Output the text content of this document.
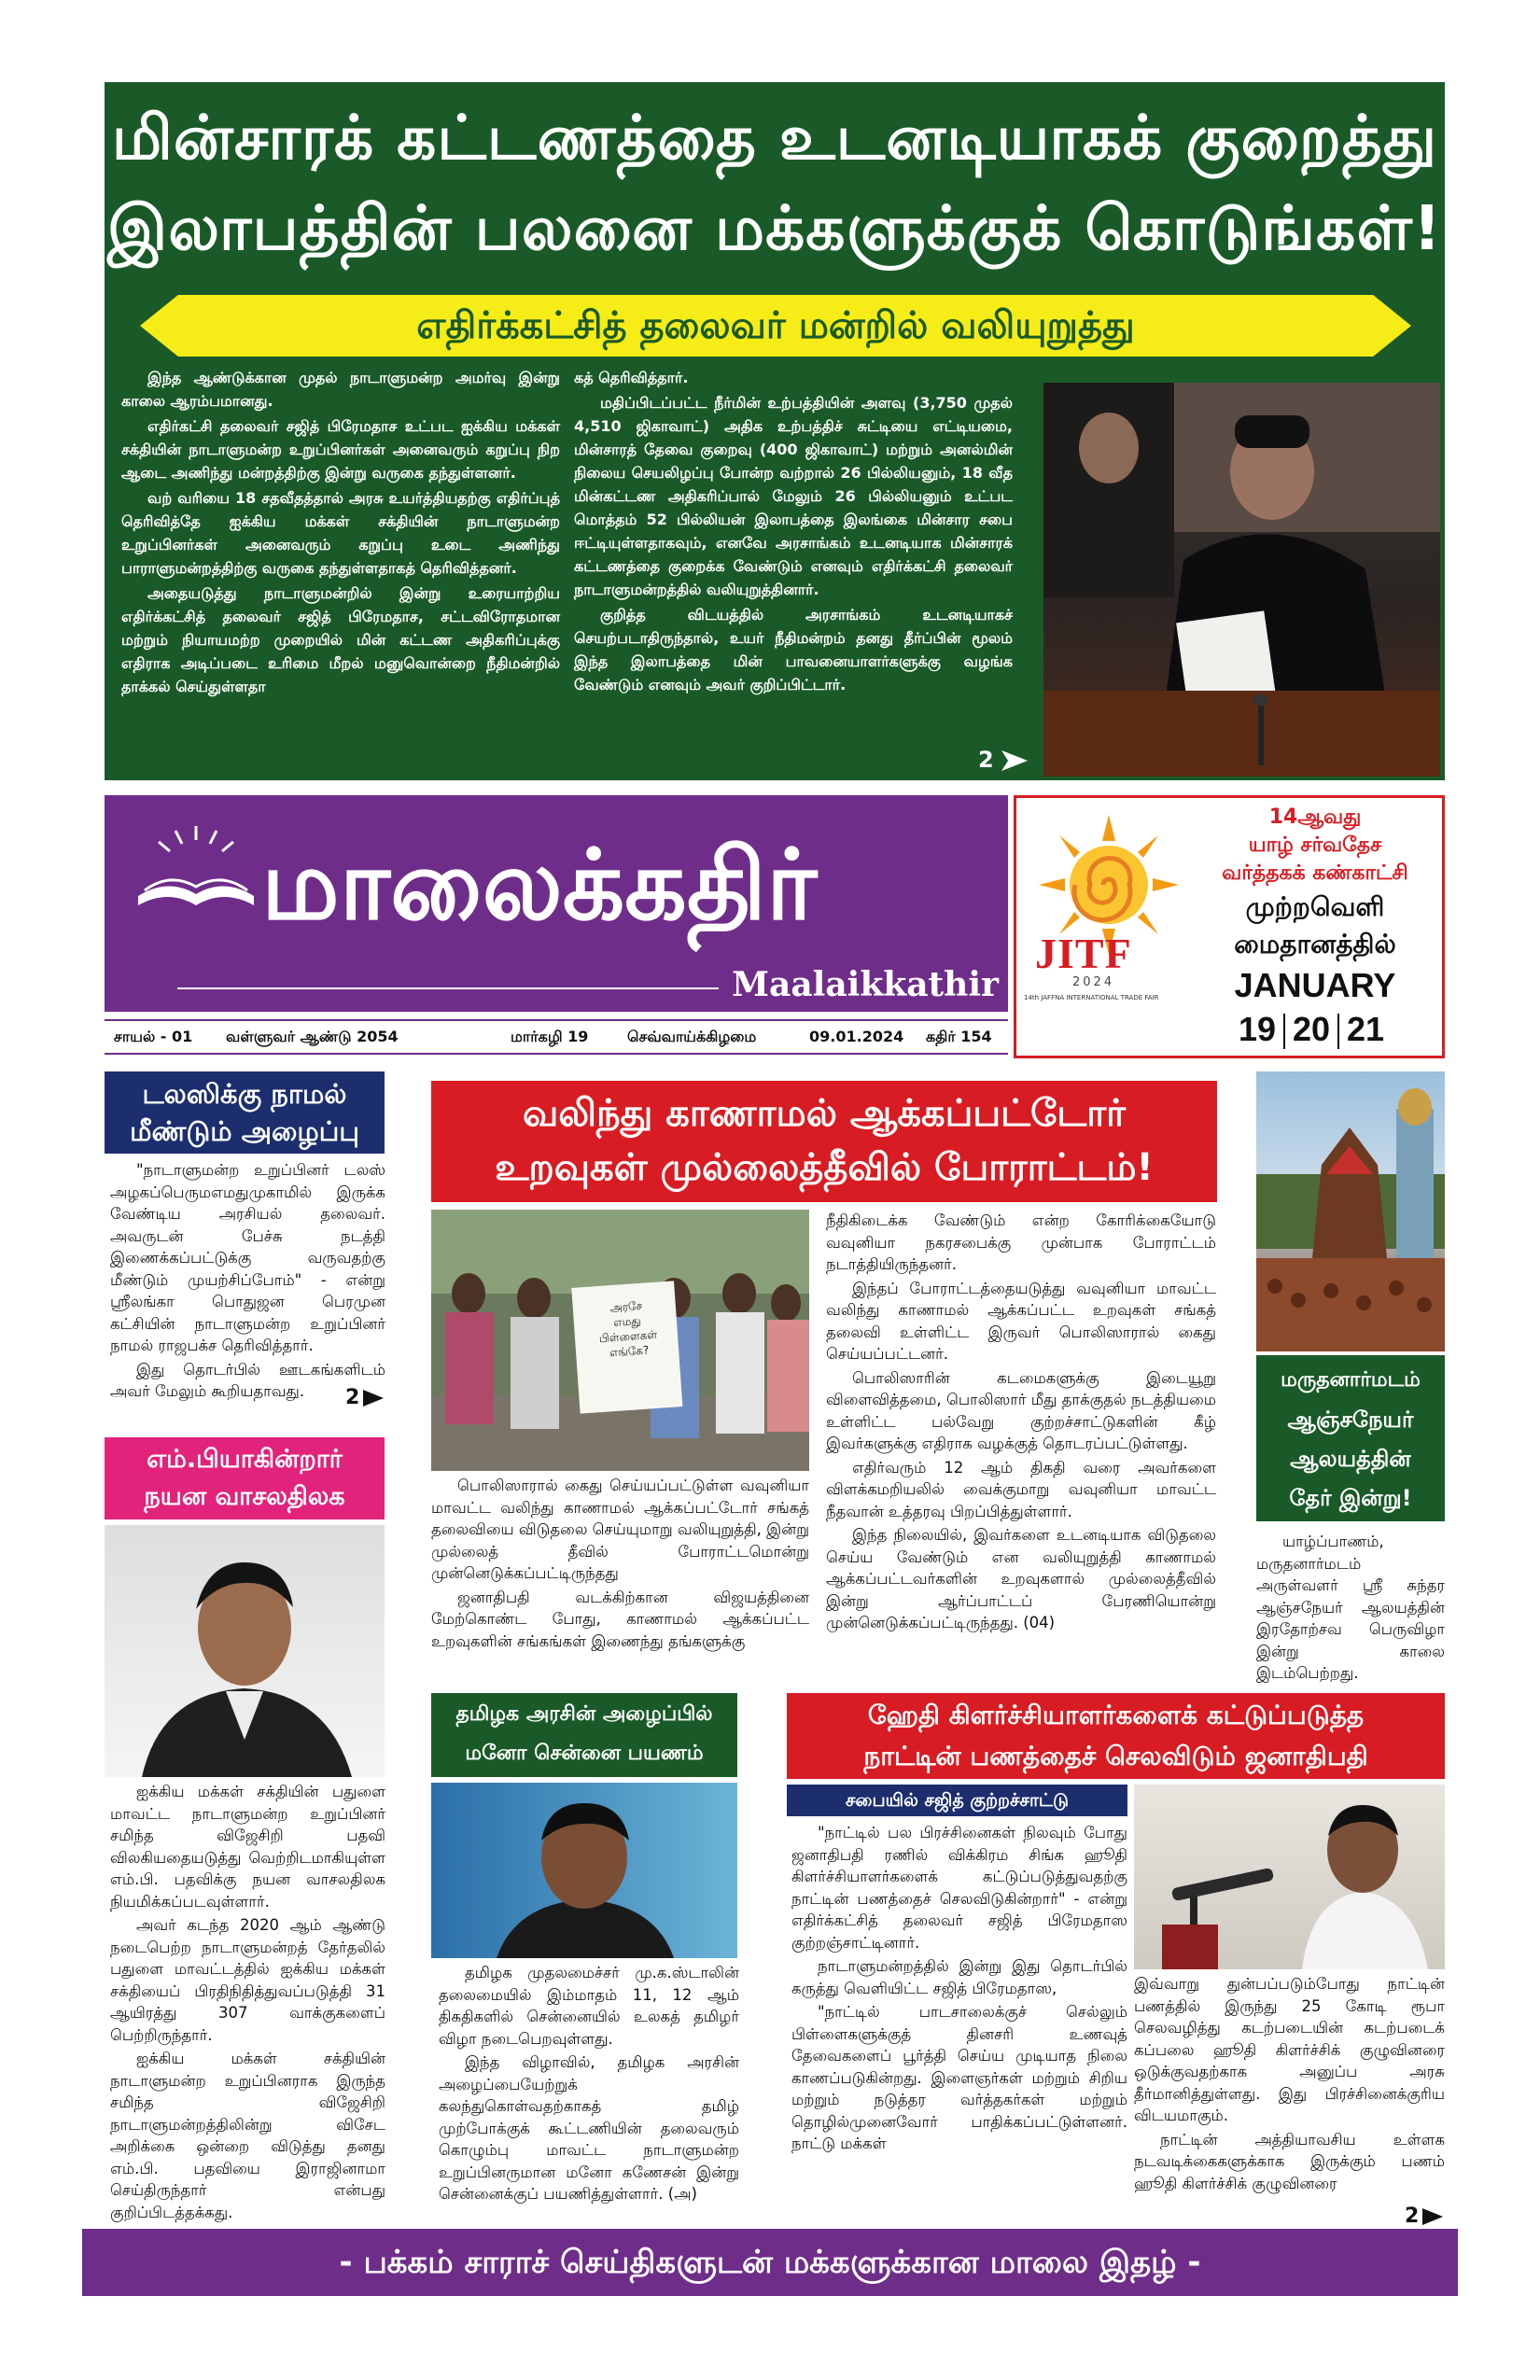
மின்சாரக் கட்டணத்தை உடனடியாகக் குறைத்து
இலாபத்தின் பலனை மக்களுக்குக் கொடுங்கள்!
எதிர்க்கட்சித் தலைவர் மன்றில் வலியுறுத்து

இந்த ஆண்டுக்கான முதல் நாடாளுமன்ற அமர்வு இன்று காலை ஆரம்பமானது.

எதிர்கட்சி தலைவர் சஜித் பிரேமதாச உட்பட ஐக்கிய மக்கள் சக்தியின் நாடாளுமன்ற உறுப்பினர்கள் அனைவரும் கறுப்பு நிற ஆடை அணிந்து மன்றத்திற்கு இன்று வருகை தந்துள்ளனர்.

வற் வரியை 18 சதவீதத்தால் அரசு உயர்த்தியதற்கு எதிர்ப்புத் தெரிவித்தே ஐக்கிய மக்கள் சக்தியின் நாடாளுமன்ற உறுப்பினர்கள் அனைவரும் கறுப்பு உடை அணிந்து பாராளுமன்றத்திற்கு வருகை தந்துள்ளதாகத் தெரிவித்தனர்.

அதையடுத்து நாடாளுமன்றில் இன்று உரையாற்றிய எதிர்க்கட்சித் தலைவர் சஜித் பிரேமதாச, சட்டவிரோதமான மற்றும் நியாயமற்ற முறையில் மின் கட்டண அதிகரிப்புக்கு எதிராக அடிப்படை உரிமை மீறல் மனுவொன்றை நீதிமன்றில் தாக்கல் செய்துள்ளதா

கத் தெரிவித்தார்.

மதிப்பிடப்பட்ட நீர்மின் உற்பத்தியின் அளவு (3,750 முதல் 4,510 ஜிகாவாட்) அதிக உற்பத்திச் சுட்டியை எட்டியமை, மின்சாரத் தேவை குறைவு (400 ஜிகாவாட்) மற்றும் அனல்மின் நிலைய செயலிழப்பு போன்ற வற்றால் 26 பில்லியனும், 18 வீத மின்கட்டண அதிகரிப்பால் மேலும் 26 பில்லியனும் உட்பட மொத்தம் 52 பில்லியன் இலாபத்தை இலங்கை மின்சார சபை ஈட்டியுள்ளதாகவும், எனவே அரசாங்கம் உடனடியாக மின்சாரக் கட்டணத்தை குறைக்க வேண்டும் எனவும் எதிர்க்கட்சி தலைவர் நாடாளுமன்றத்தில் வலியுறுத்தினார்.

குறித்த விடயத்தில் அரசாங்கம் உடனடியாகச் செயற்படாதிருந்தால், உயர் நீதிமன்றம் தனது தீர்ப்பின் மூலம் இந்த இலாபத்தை மின் பாவனையாளர்களுக்கு வழங்க வேண்டும் எனவும் அவர் குறிப்பிட்டார்.

2
மாலைக்கதிர்
Maalaikkathir
சாயல் - 01 வள்ளுவர் ஆண்டு 2054	மார்கழி 19	செவ்வாய்க்கிழமை	09.01.2024 கதிர் 154
JITF
2024
14th JAFFNA INTERNATIONAL TRADE FAIR
14ஆவது
யாழ் சர்வதேச
வர்த்தகக் கண்காட்சி
முற்றவெளி
மைதானத்தில்
JANUARY
19 20 21
டலஸிக்கு நாமல்
மீண்டும் அழைப்பு

"நாடாளுமன்ற உறுப்பினர் டலஸ் அழகப்பெருமஎமதுமுகாமில் இருக்க வேண்டிய அரசியல் தலைவர். அவருடன் பேச்சு நடத்தி இணைக்கப்பட்டுக்கு வருவதற்கு மீண்டும் முயற்சிப்போம்" - என்று ஸ்ரீலங்கா பொதுஜன பெரமுன கட்சியின் நாடாளுமன்ற உறுப்பினர் நாமல் ராஜபக்ச தெரிவித்தார்.

இது தொடர்பில் ஊடகங்களிடம் அவர் மேலும் கூறியதாவது.	2
எம்.பியாகின்றார்
நயன வாசலதிலக

ஐக்கிய மக்கள் சக்தியின் பதுளை மாவட்ட நாடாளுமன்ற உறுப்பினர் சமிந்த விஜேசிறி பதவி விலகியதையடுத்து வெற்றிடமாகியுள்ள எம்.பி. பதவிக்கு நயன வாசலதிலக நியமிக்கப்படவுள்ளார்.

அவர் கடந்த 2020 ஆம் ஆண்டு நடைபெற்ற நாடாளுமன்றத் தேர்தலில் பதுளை மாவட்டத்தில் ஐக்கிய மக்கள் சக்தியைப் பிரதிநிதித்துவப்படுத்தி 31 ஆயிரத்து 307 வாக்குகளைப் பெற்றிருந்தார்.

ஐக்கிய மக்கள் சக்தியின் நாடாளுமன்ற உறுப்பினராக இருந்த சமிந்த விஜேசிறி நாடாளுமன்றத்திலின்று விசேட அறிக்கை ஒன்றை விடுத்து தனது எம்.பி. பதவியை இராஜினாமா செய்திருந்தார் என்பது குறிப்பிடத்தக்கது.

வலிந்து காணாமல் ஆக்கப்பட்டோர்
உறவுகள் முல்லைத்தீவில் போராட்டம்!
அரசே
எமது
பிள்ளைகள்
எங்கே?

பொலிஸாரால் கைது செய்யப்பட்டுள்ள வவுனியா மாவட்ட வலிந்து காணாமல் ஆக்கப்பட்டோர் சங்கத் தலைவியை விடுதலை செய்யுமாறு வலியுறுத்தி, இன்று முல்லைத் தீவில் போராட்டமொன்று முன்னெடுக்கப்பட்டிருந்தது

ஜனாதிபதி வடக்கிற்கான விஜயத்தினை மேற்கொண்ட போது, காணாமல் ஆக்கப்பட்ட உறவுகளின் சங்கங்கள் இணைந்து தங்களுக்கு

நீதிகிடைக்க வேண்டும் என்ற கோரிக்கையோடு வவுனியா நகரசபைக்கு முன்பாக போராட்டம் நடாத்தியிருந்தனர்.

இந்தப் போராட்டத்தையடுத்து வவுனியா மாவட்ட வலிந்து காணாமல் ஆக்கப்பட்ட உறவுகள் சங்கத் தலைவி உள்ளிட்ட இருவர் பொலிஸாரால் கைது செய்யப்பட்டனர்.

பொலிஸாரின் கடமைகளுக்கு இடையூறு விளைவித்தமை, பொலிஸார் மீது தாக்குதல் நடத்தியமை உள்ளிட்ட பல்வேறு குற்றச்சாட்டுகளின் கீழ் இவர்களுக்கு எதிராக வழக்குத் தொடரப்பட்டுள்ளது.

எதிர்வரும் 12 ஆம் திகதி வரை அவர்களை விளக்கமறியலில் வைக்குமாறு வவுனியா மாவட்ட நீதவான் உத்தரவு பிறப்பித்துள்ளார்.

இந்த நிலையில், இவர்களை உடனடியாக விடுதலை செய்ய வேண்டும் என வலியுறுத்தி காணாமல் ஆக்கப்பட்டவர்களின் உறவுகளால் முல்லைத்தீவில் இன்று ஆர்ப்பாட்டப் பேரணியொன்று முன்னெடுக்கப்பட்டிருந்தது. (04)

மருதனார்மடம்
ஆஞ்சநேயர்
ஆலயத்தின்
தேர் இன்று!

யாழ்ப்பாணம், மருதனார்மடம் அருள்வளர் ஸ்ரீ சுந்தர ஆஞ்சநேயர் ஆலயத்தின் இரதோற்சவ பெருவிழா இன்று காலை இடம்பெற்றது.

தமிழக அரசின் அழைப்பில்
மனோ சென்னை பயணம்

தமிழக முதலமைச்சர் மு.க.ஸ்டாலின் தலைமையில் இம்மாதம் 11, 12 ஆம் திகதிகளில் சென்னையில் உலகத் தமிழர் விழா நடைபெறவுள்ளது.

இந்த விழாவில், தமிழக அரசின் அழைப்பையேற்றுக் கலந்துகொள்வதற்காகத் தமிழ் முற்போக்குக் கூட்டணியின் தலைவரும் கொழும்பு மாவட்ட நாடாளுமன்ற உறுப்பினருமான மனோ கணேசன் இன்று சென்னைக்குப் பயணித்துள்ளார். (அ)

ஹேதி கிளர்ச்சியாளர்களைக் கட்டுப்படுத்த
நாட்டின் பணத்தைச் செலவிடும் ஜனாதிபதி
சபையில் சஜித் குற்றச்சாட்டு

"நாட்டில் பல பிரச்சினைகள் நிலவும் போது ஜனாதிபதி ரணில் விக்கிரம சிங்க ஹூதி கிளர்ச்சியாளர்களைக் கட்டுப்படுத்துவதற்கு நாட்டின் பணத்தைச் செலவிடுகின்றார்" - என்று எதிர்க்கட்சித் தலைவர் சஜித் பிரேமதாஸ குற்றஞ்சாட்டினார்.

நாடாளுமன்றத்தில் இன்று இது தொடர்பில் கருத்து வெளியிட்ட சஜித் பிரேமதாஸ,

"நாட்டில் பாடசாலைக்குச் செல்லும் பிள்ளைகளுக்குத் தினசரி உணவுத் தேவைகளைப் பூர்த்தி செய்ய முடியாத நிலை காணப்படுகின்றது. இளைஞர்கள் மற்றும் சிறிய மற்றும் நடுத்தர வர்த்தகர்கள் மற்றும் தொழில்முனைவோர் பாதிக்கப்பட்டுள்ளனர். நாட்டு மக்கள்

இவ்வாறு துன்பப்படும்போது நாட்டின் பணத்தில் இருந்து 25 கோடி ரூபா செலவழித்து கடற்படையின் கடற்படைக் கப்பலை ஹூதி கிளர்ச்சிக் குழுவினரை ஒடுக்குவதற்காக அனுப்ப அரசு தீர்மானித்துள்ளது. இது பிரச்சினைக்குரிய விடயமாகும்.

நாட்டின் அத்தியாவசிய உள்ளக நடவடிக்கைகளுக்காக இருக்கும் பணம் ஹூதி கிளர்ச்சிக் குழுவினரை

2
- பக்கம் சாராச் செய்திகளுடன் மக்களுக்கான மாலை இதழ் -
